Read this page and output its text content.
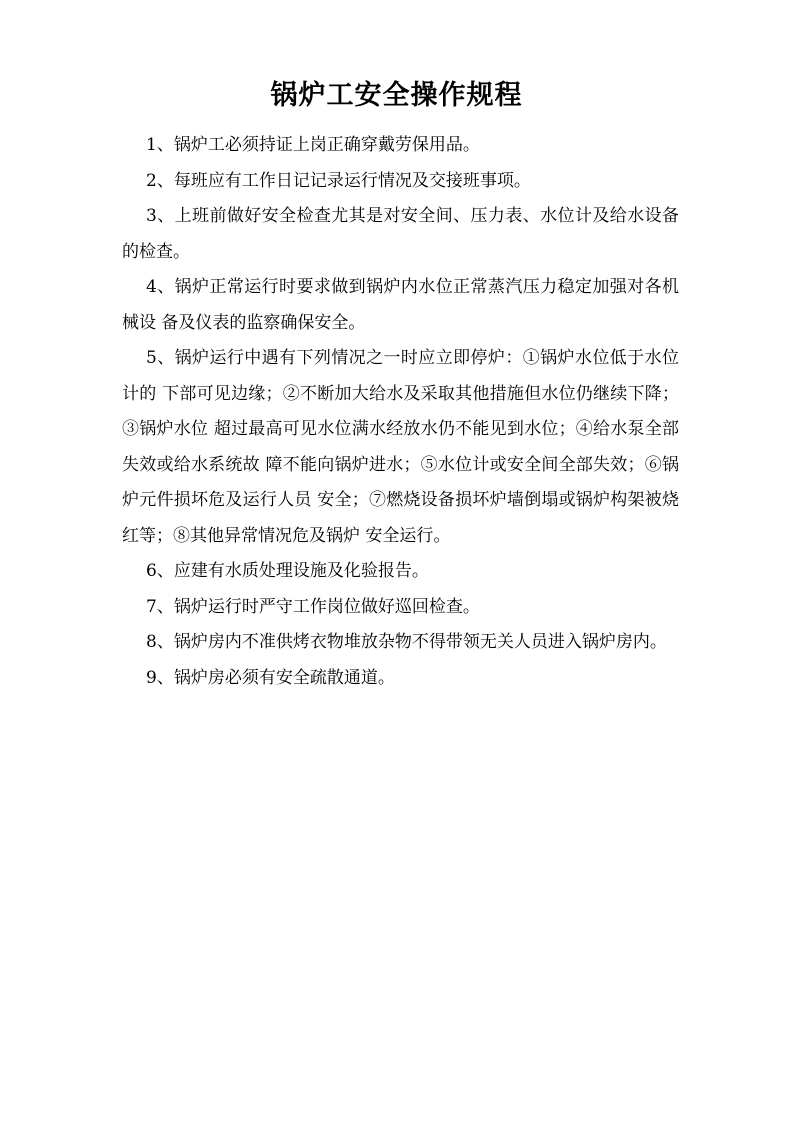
锅炉工安全操作规程

1、锅炉工必须持证上岗正确穿戴劳保用品。

2、每班应有工作日记记录运行情况及交接班事项。

3、上班前做好安全检查尤其是对安全间、压力表、水位计及给水设备的检查。

4、锅炉正常运行时要求做到锅炉内水位正常蒸汽压力稳定加强对各机械设 备及仪表的监察确保安全。

5、锅炉运行中遇有下列情况之一时应立即停炉：①锅炉水位低于水位计的 下部可见边缘；②不断加大给水及采取其他措施但水位仍继续下降；③锅炉水位 超过最高可见水位满水经放水仍不能见到水位；④给水泵全部失效或给水系统故 障不能向锅炉进水；⑤水位计或安全间全部失效；⑥锅炉元件损坏危及运行人员 安全；⑦燃烧设备损坏炉墙倒塌或锅炉构架被烧红等；⑧其他异常情况危及锅炉 安全运行。

6、应建有水质处理设施及化验报告。

7、锅炉运行时严守工作岗位做好巡回检查。

8、锅炉房内不准供烤衣物堆放杂物不得带领无关人员进入锅炉房内。

9、锅炉房必须有安全疏散通道。
